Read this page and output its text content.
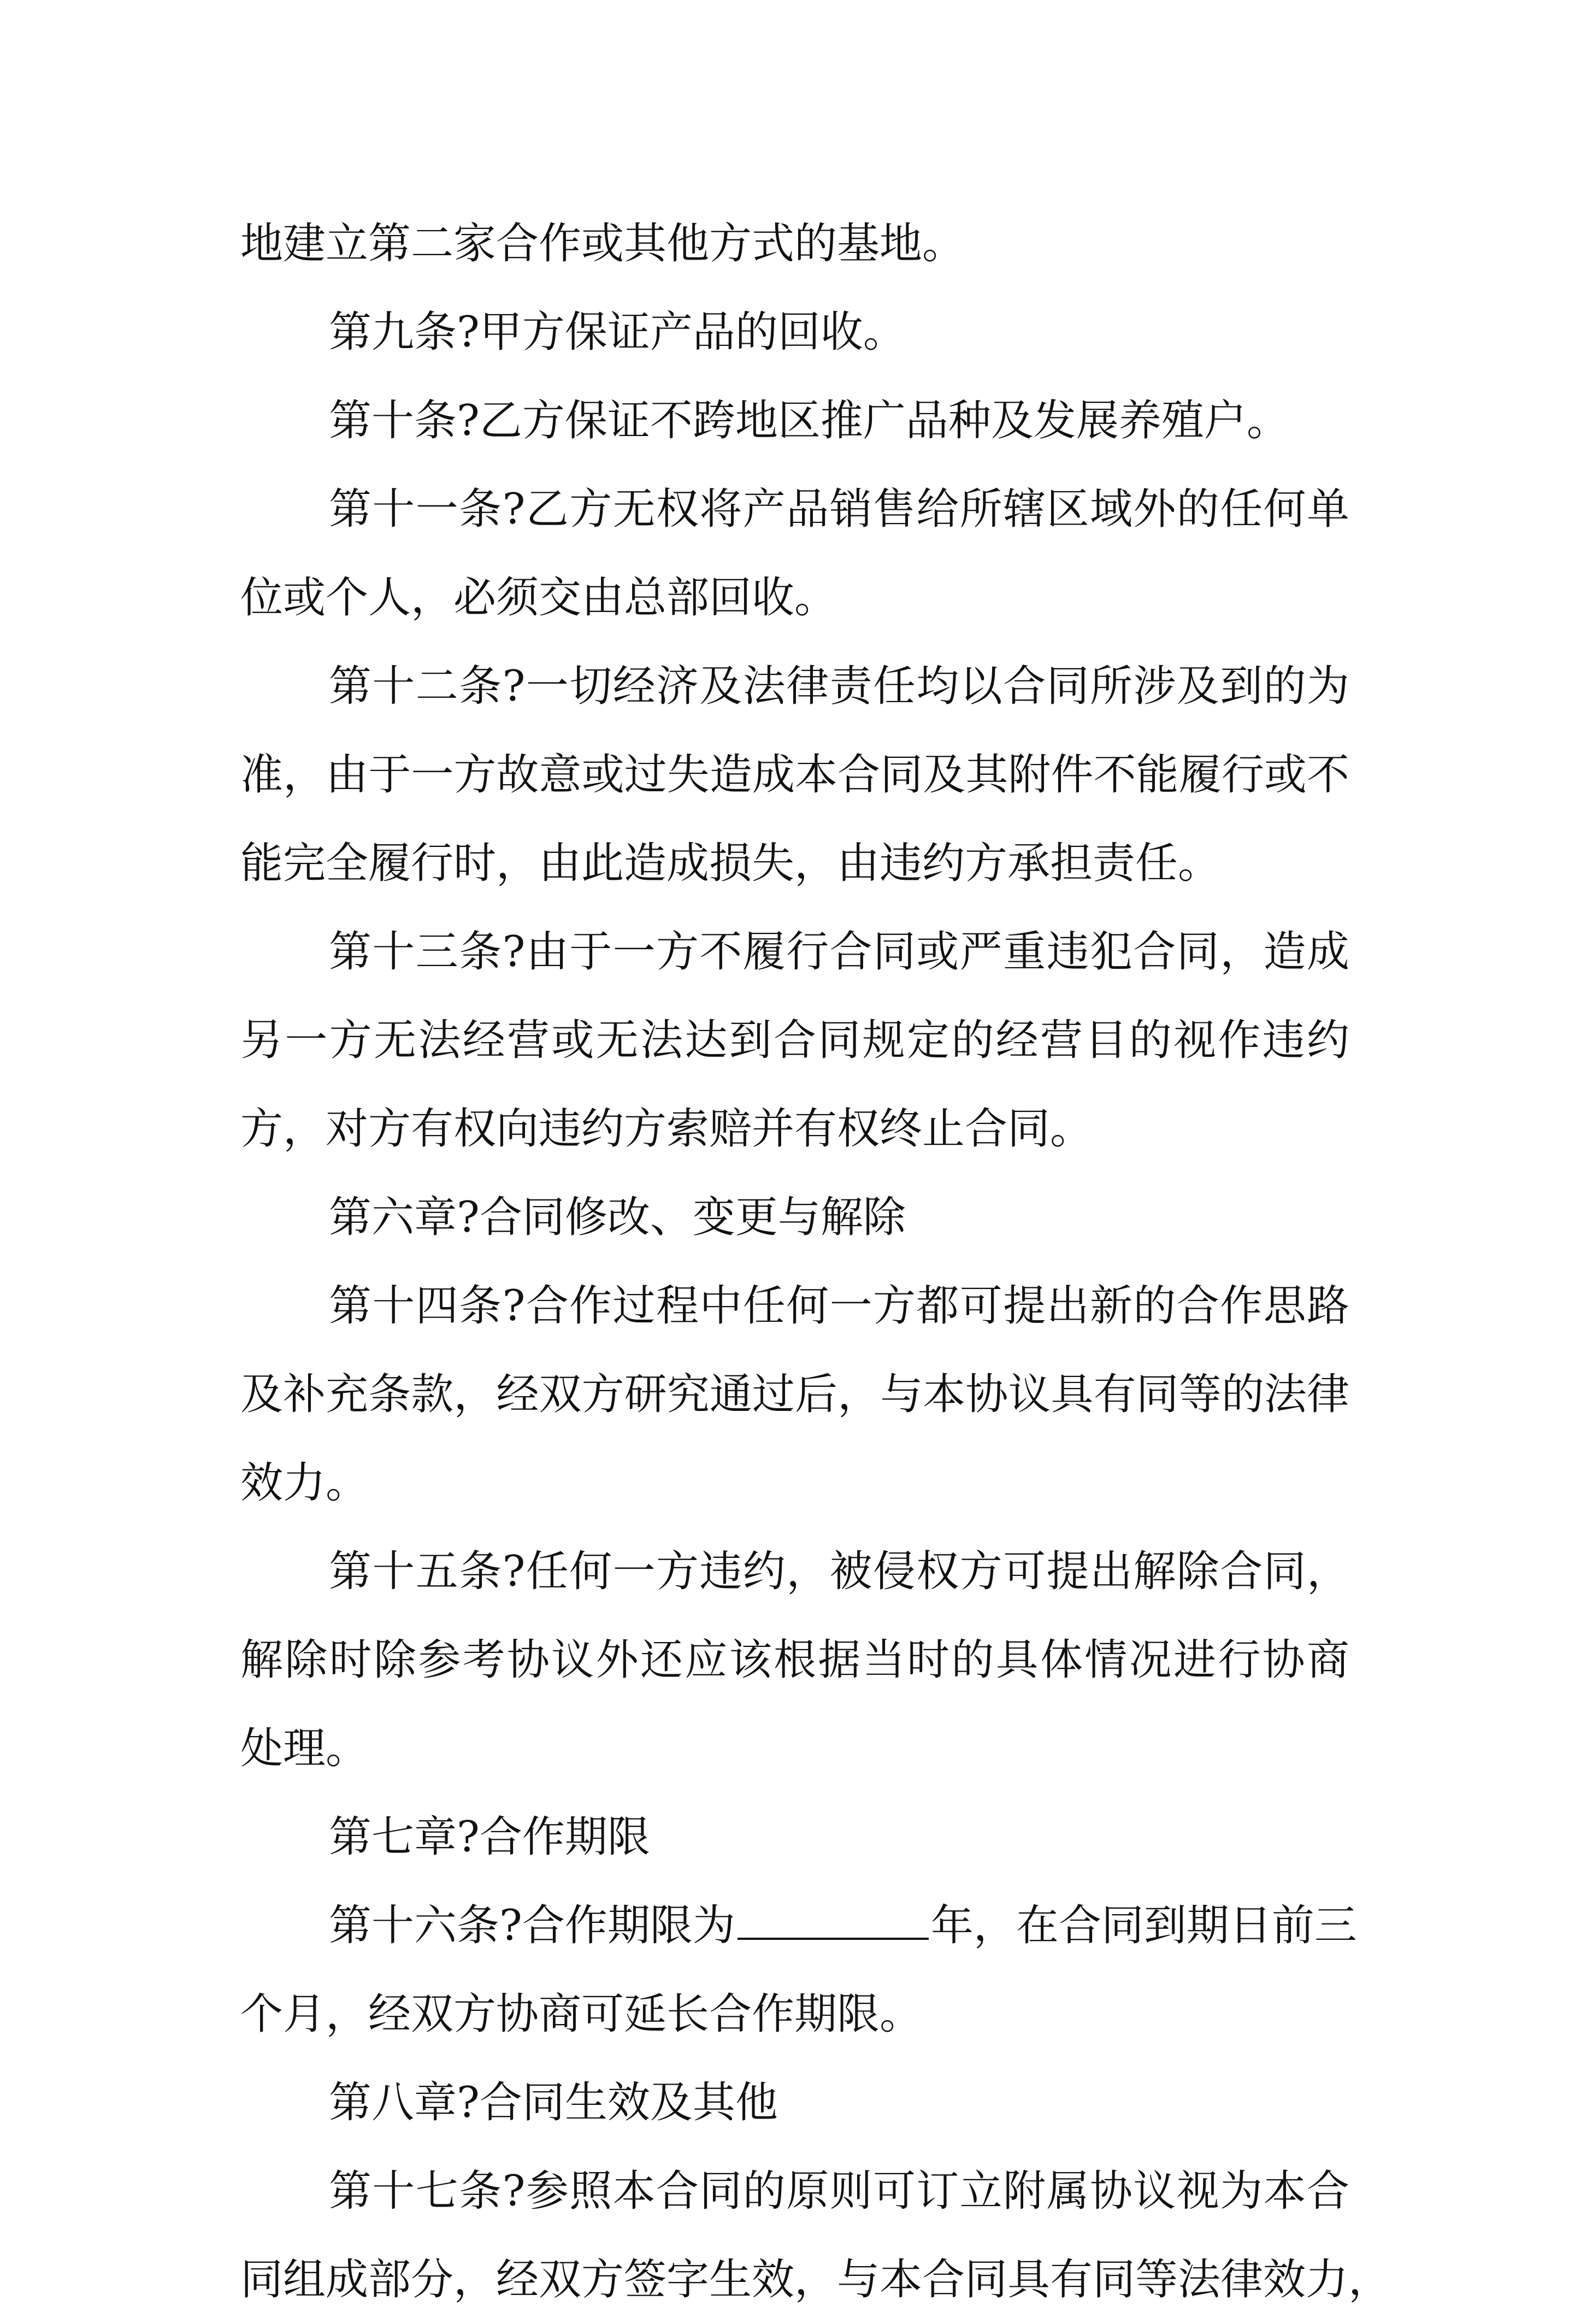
地建立第二家合作或其他方式的基地。
第九条?甲方保证产品的回收。
第十条?乙方保证不跨地区推广品种及发展养殖户。
第十一条?乙方无权将产品销售给所辖区域外的任何单
位或个人，必须交由总部回收。
第十二条?一切经济及法律责任均以合同所涉及到的为
准，由于一方故意或过失造成本合同及其附件不能履行或不
能完全履行时，由此造成损失，由违约方承担责任。
第十三条?由于一方不履行合同或严重违犯合同，造成
另一方无法经营或无法达到合同规定的经营目的视作违约
方，对方有权向违约方索赔并有权终止合同。
第六章?合同修改、变更与解除
第十四条?合作过程中任何一方都可提出新的合作思路
及补充条款，经双方研究通过后，与本协议具有同等的法律
效力。
第十五条?任何一方违约，被侵权方可提出解除合同，
解除时除参考协议外还应该根据当时的具体情况进行协商
处理。
第七章?合作期限
第十六条?合作期限为	年，在合同到期日前三
个月，经双方协商可延长合作期限。
第八章?合同生效及其他
第十七条?参照本合同的原则可订立附属协议视为本合
同组成部分，经双方签字生效，与本合同具有同等法律效力，
